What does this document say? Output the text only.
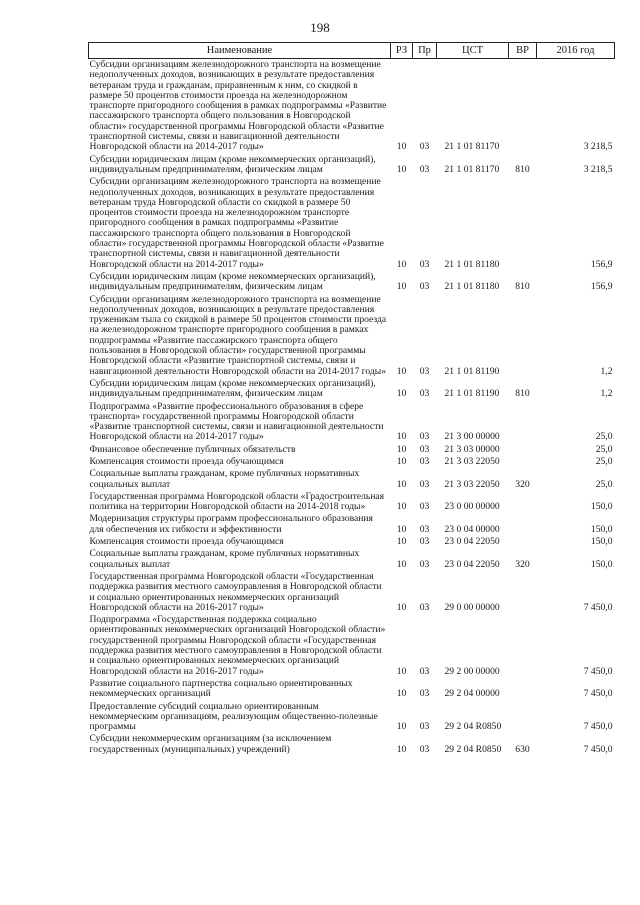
198
Наименование	РЗ	Пр	ЦСТ	ВР	2016 год
Субсидии организациям железнодорожного транспорта на возмещение недополученных доходов, возникающих в результате предоставления ветеранам труда и гражданам, приравненным к ним, со скидкой в размере 50 процентов стоимости проезда на железнодорожном транспорте пригородного сообщения в рамках подпрограммы «Развитие пассажирского транспорта общего пользования в Новгородской области» государственной программы Новгородской области «Развитие транспортной системы, связи и навигационной деятельности Новгородской области на 2014-2017 годы»	10	03	21 1 01 81170		3 218,5
Субсидии юридическим лицам (кроме некоммерческих организаций), индивидуальным предпринимателям, физическим лицам	10	03	21 1 01 81170	810	3 218,5
Субсидии организациям железнодорожного транспорта на возмещение недополученных доходов, возникающих в результате предоставления ветеранам труда Новгородской области со скидкой в размере 50 процентов стоимости проезда на железнодорожном транспорте пригородного сообщения в рамках подпрограммы «Развитие пассажирского транспорта общего пользования в Новгородской области» государственной программы Новгородской области «Развитие транспортной системы, связи и навигационной деятельности Новгородской области на 2014-2017 годы»	10	03	21 1 01 81180		156,9
Субсидии юридическим лицам (кроме некоммерческих организаций), индивидуальным предпринимателям, физическим лицам	10	03	21 1 01 81180	810	156,9
Субсидии организациям железнодорожного транспорта на возмещение недополученных доходов, возникающих в результате предоставления труженикам тыла со скидкой в размере 50 процентов стоимости проезда на железнодорожном транспорте пригородного сообщения в рамках подпрограммы «Развитие пассажирского транспорта общего пользования в Новгородской области» государственной программы Новгородской области «Развитие транспортной системы, связи и навигационной деятельности Новгородской области на 2014-2017 годы»	10	03	21 1 01 81190		1,2
Субсидии юридическим лицам (кроме некоммерческих организаций), индивидуальным предпринимателям, физическим лицам	10	03	21 1 01 81190	810	1,2
Подпрограмма «Развитие профессионального образования в сфере транспорта» государственной программы Новгородской области «Развитие транспортной системы, связи и навигационной деятельности Новгородской области на 2014-2017 годы»	10	03	21 3 00 00000		25,0
Финансовое обеспечение публичных обязательств	10	03	21 3 03 00000		25,0
Компенсация стоимости проезда обучающимся	10	03	21 3 03 22050		25,0
Социальные выплаты гражданам, кроме публичных нормативных социальных выплат	10	03	21 3 03 22050	320	25,0
Государственная программа Новгородской области «Градостроительная политика на территории Новгородской области на 2014-2018 годы»	10	03	23 0 00 00000		150,0
Модернизация структуры программ профессионального образования для обеспечения их гибкости и эффективности	10	03	23 0 04 00000		150,0
Компенсация стоимости проезда обучающимся	10	03	23 0 04 22050		150,0
Социальные выплаты гражданам, кроме публичных нормативных социальных выплат	10	03	23 0 04 22050	320	150,0
Государственная программа Новгородской области «Государственная поддержка развития местного самоуправления в Новгородской области и социально ориентированных некоммерческих организаций Новгородской области на 2016-2017 годы»	10	03	29 0 00 00000		7 450,0
Подпрограмма «Государственная поддержка социально ориентированных некоммерческих организаций Новгородской области» государственной программы Новгородской области «Государственная поддержка развития местного самоуправления в Новгородской области и социально ориентированных некоммерческих организаций Новгородской области на 2016-2017 годы»	10	03	29 2 00 00000		7 450,0
Развитие социального партнерства социально ориентированных некоммерческих организаций	10	03	29 2 04 00000		7 450,0
Предоставление субсидий социально ориентированным некоммерческим организациям, реализующим общественно-полезные программы	10	03	29 2 04 R0850		7 450,0
Субсидии некоммерческим организациям (за исключением государственных (муниципальных) учреждений)	10	03	29 2 04 R0850	630	7 450,0
